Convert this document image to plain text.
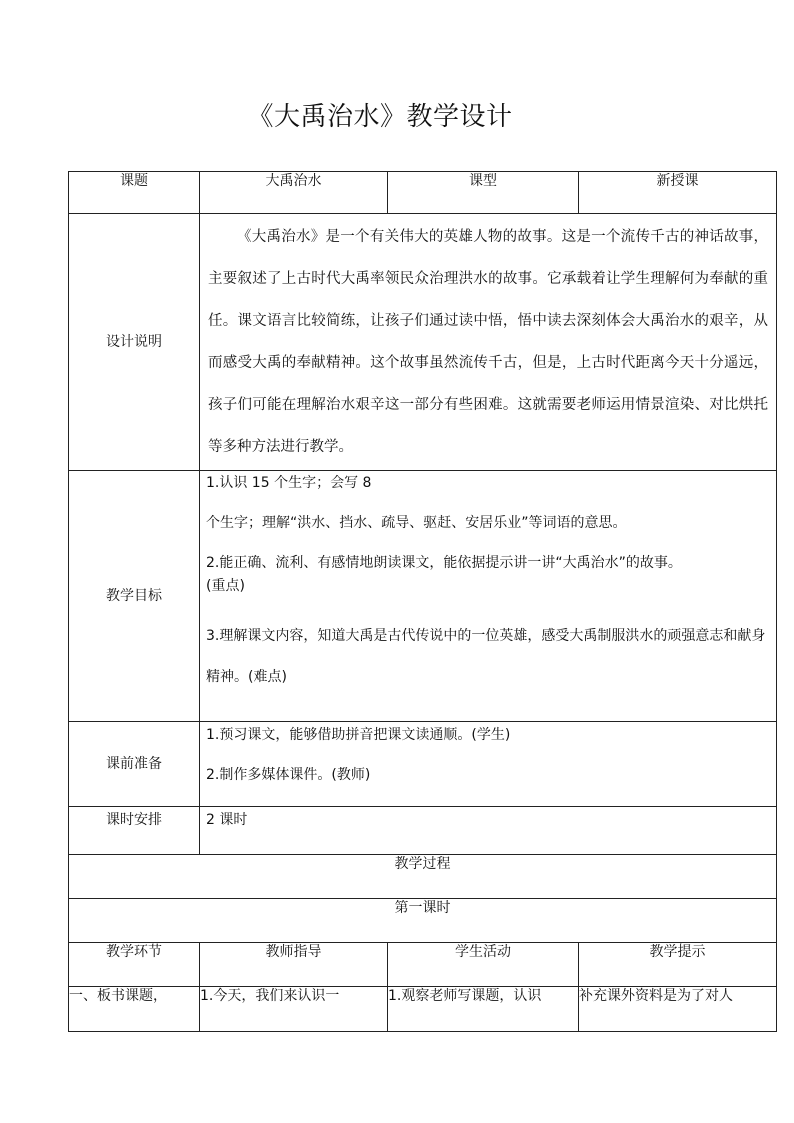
《大禹治水》教学设计
课题	大禹治水	课型	新授课
设计说明	《大禹治水》是一个有关伟大的英雄人物的故事。这是一个流传千古的神话故事，主要叙述了上古时代大禹率领民众治理洪水的故事。它承载着让学生理解何为奉献的重任。课文语言比较简练，让孩子们通过读中悟，悟中读去深刻体会大禹治水的艰辛，从而感受大禹的奉献精神。这个故事虽然流传千古，但是，上古时代距离今天十分遥远，孩子们可能在理解治水艰辛这一部分有些困难。这就需要老师运用情景渲染、对比烘托等多种方法进行教学。		
教学目标	1.认识 15 个生字；会写 8

个生字；理解“洪水、挡水、疏导、驱赶、安居乐业”等词语的意思。

2.能正确、流利、有感情地朗读课文，能依据提示讲一讲“大禹治水”的故事。

(重点)

3.理解课文内容，知道大禹是古代传说中的一位英雄，感受大禹制服洪水的顽强意志和献身精神。(难点)		

课前准备	1.预习课文，能够借助拼音把课文读通顺。(学生)

2.制作多媒体课件。(教师)		

课时安排	2 课时		
教学过程			
第一课时			
教学环节	教师指导	学生活动	教学提示
一、板书课题，	1.今天，我们来认识一	1.观察老师写课题，认识	补充课外资料是为了对人
